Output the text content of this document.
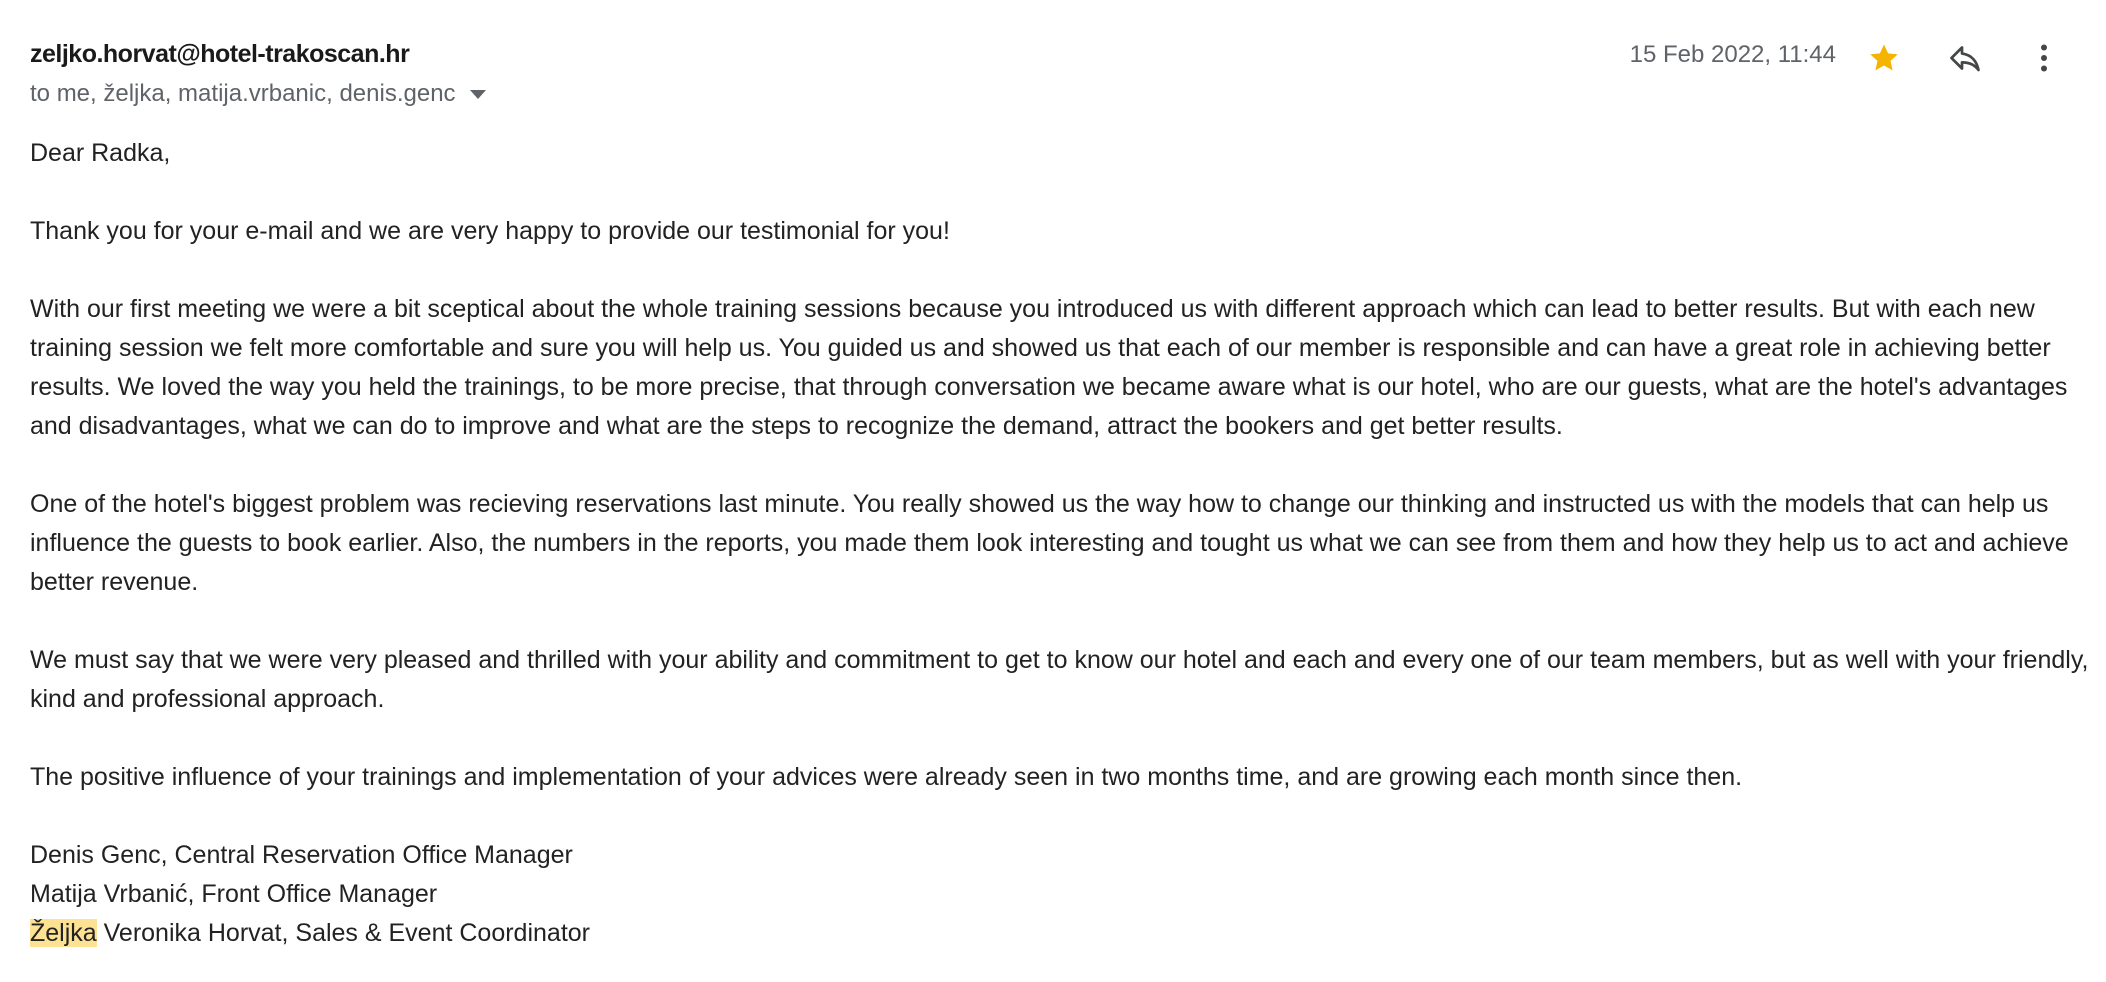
zeljko.horvat@hotel-trakoscan.hr
to me, željka, matija.vrbanic, denis.genc
15 Feb 2022, 11:44

Dear Radka,

Thank you for your e-mail and we are very happy to provide our testimonial for you!

With our first meeting we were a bit sceptical about the whole training sessions because you introduced us with different approach which can lead to better results. But with each new training session we felt more comfortable and sure you will help us. You guided us and showed us that each of our member is responsible and can have a great role in achieving better results. We loved the way you held the trainings, to be more precise, that through conversation we became aware what is our hotel, who are our guests, what are the hotel's advantages and disadvantages, what we can do to improve and what are the steps to recognize the demand, attract the bookers and get better results.

One of the hotel's biggest problem was recieving reservations last minute. You really showed us the way how to change our thinking and instructed us with the models that can help us influence the guests to book earlier. Also, the numbers in the reports, you made them look interesting and tought us what we can see from them and how they help us to act and achieve better revenue.

We must say that we were very pleased and thrilled with your ability and commitment to get to know our hotel and each and every one of our team members, but as well with your friendly, kind and professional approach.

The positive influence of your trainings and implementation of your advices were already seen in two months time, and are growing each month since then.

Denis Genc, Central Reservation Office Manager

Matija Vrbanić, Front Office Manager

Željka Veronika Horvat, Sales & Event Coordinator
